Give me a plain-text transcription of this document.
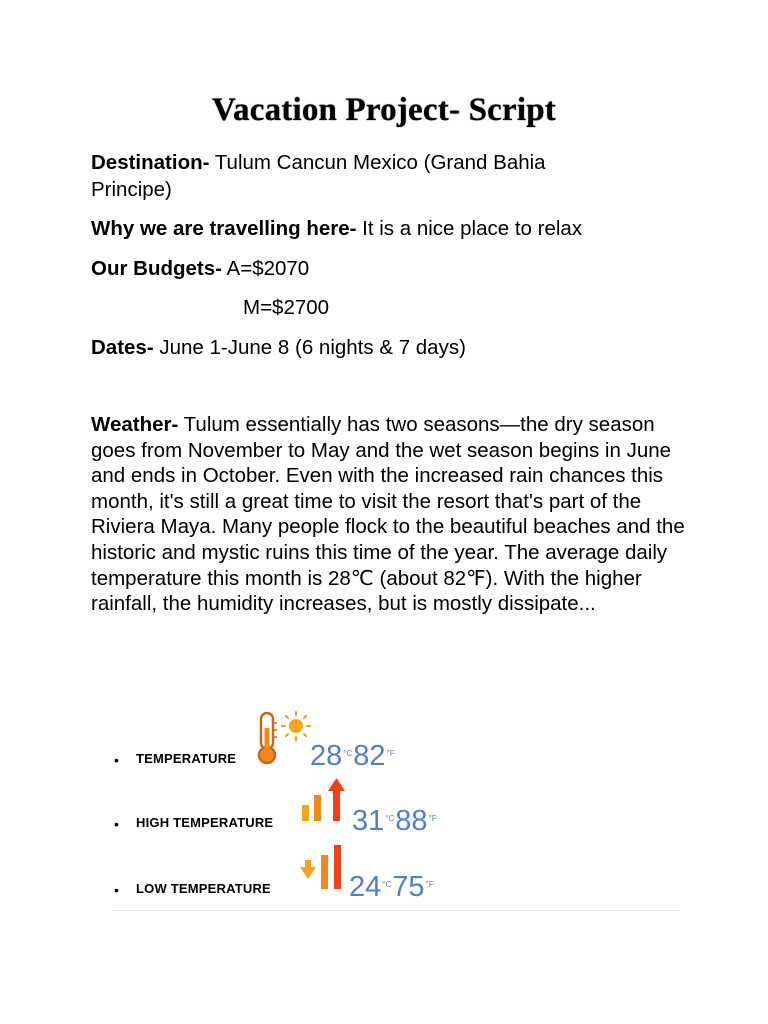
Vacation Project- Script
Destination- Tulum Cancun Mexico (Grand Bahia
Principe)
Why we are travelling here- It is a nice place to relax
Our Budgets- A=$2070
M=$2700
Dates- June 1-June 8 (6 nights & 7 days)
Weather- Tulum essentially has two seasons—the dry season goes from November to May and the wet season begins in June and ends in October. Even with the increased rain chances this month, it's still a great time to visit the resort that's part of the Riviera Maya. Many people flock to the beautiful beaches and the historic and mystic ruins this time of the year. The average daily temperature this month is 28℃ (about 82℉). With the higher rainfall, the humidity increases, but is mostly dissipate...
• TEMPERATURE	$28^{^\circ C}82^{^\circ F}$
• HIGH TEMPERATURE	$31^{^\circ C}88^{^\circ F}$
• LOW TEMPERATURE	$24^{^\circ C}75^{^\circ F}$
